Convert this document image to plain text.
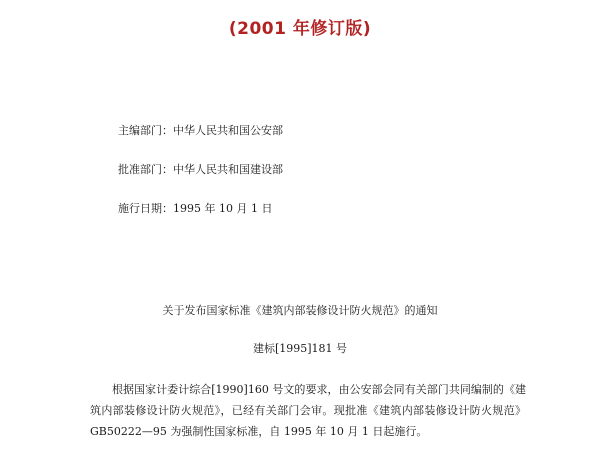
(2001 年修订版)
主编部门：中华人民共和国公安部
批准部门：中华人民共和国建设部
施行日期：1995 年 10 月 1 日
关于发布国家标准《建筑内部装修设计防火规范》的通知
建标[1995]181 号
根据国家计委计综合[1990]160 号文的要求，由公安部会同有关部门共同编制的《建筑内部装修设计防火规范》，已经有关部门会审。现批准《建筑内部装修设计防火规范》GB50222—95 为强制性国家标准，自 1995 年 10 月 1 日起施行。
